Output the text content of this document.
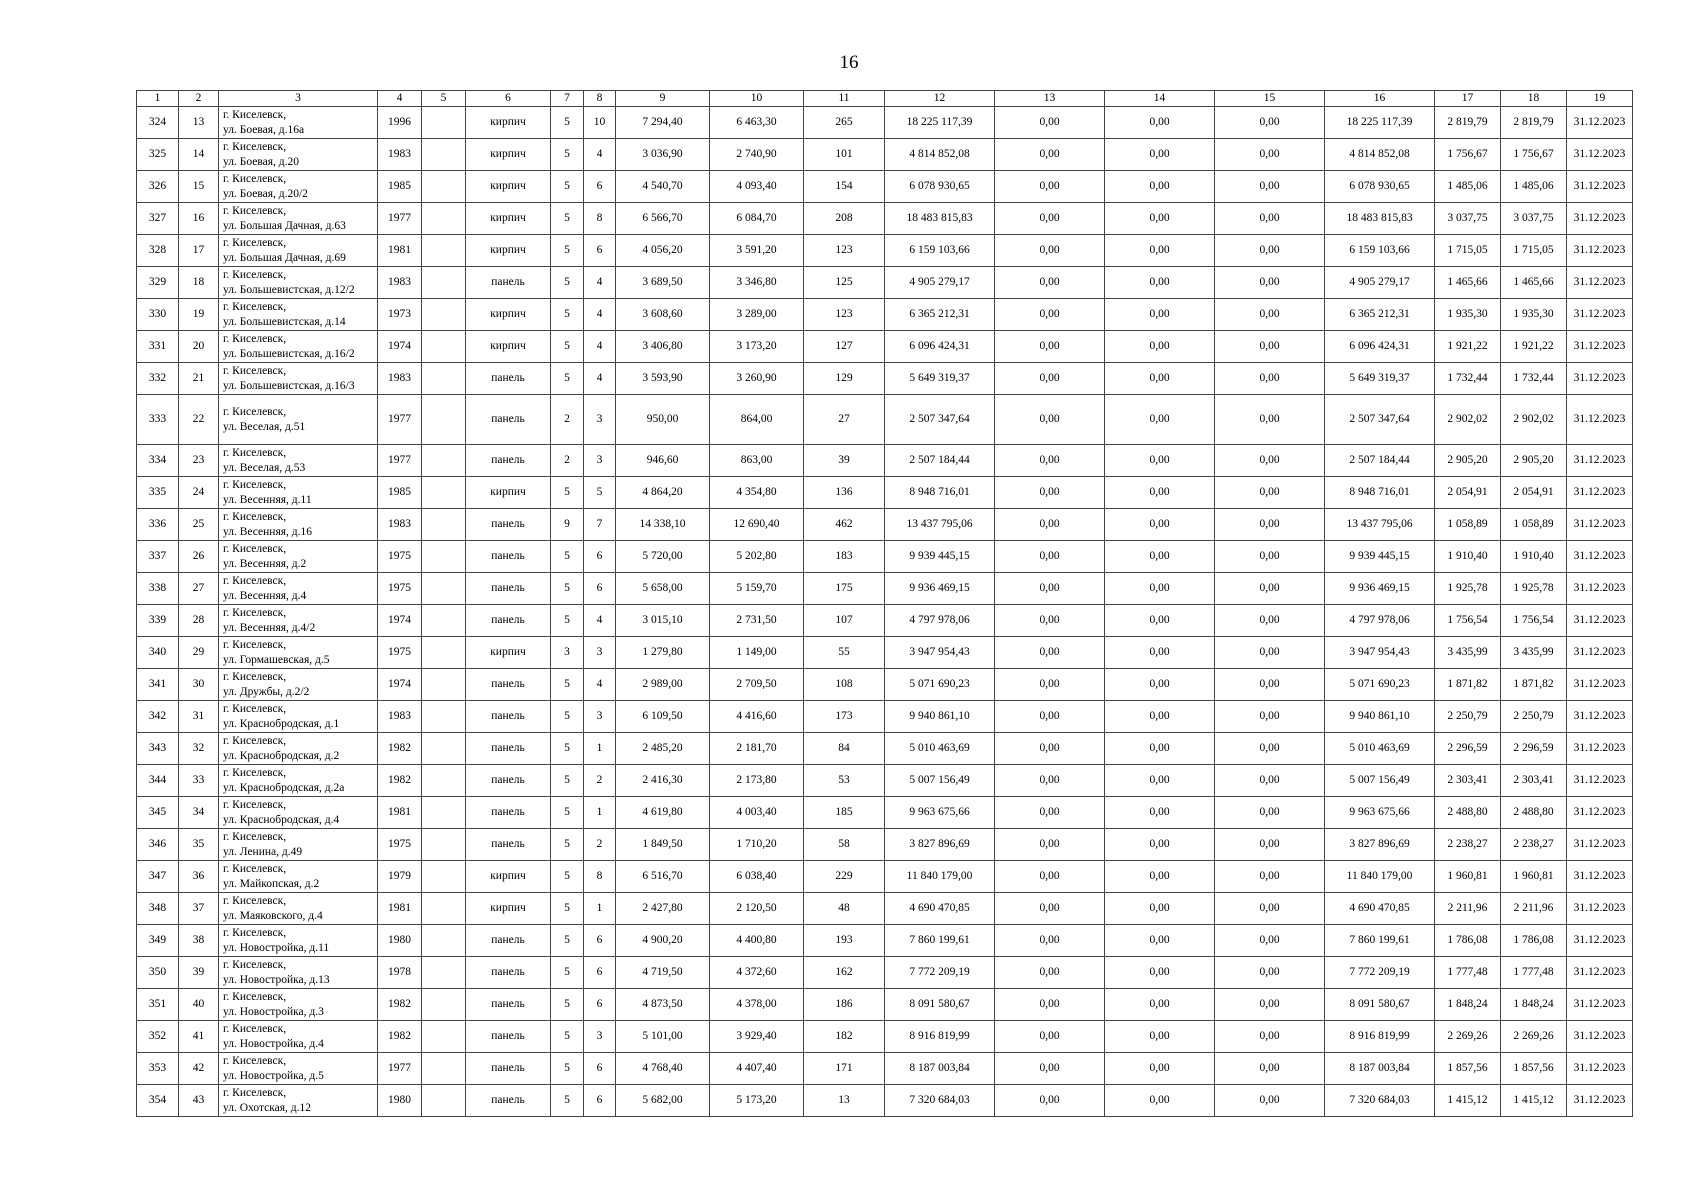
16
1	2	3	4	5	6	7	8	9	10	11	12	13	14	15	16	17	18	19
324	13	г. Киселевск,
ул. Боевая, д.16а	1996		кирпич	5	10	7 294,40	6 463,30	265	18 225 117,39	0,00	0,00	0,00	18 225 117,39	2 819,79	2 819,79	31.12.2023
325	14	г. Киселевск,
ул. Боевая, д.20	1983		кирпич	5	4	3 036,90	2 740,90	101	4 814 852,08	0,00	0,00	0,00	4 814 852,08	1 756,67	1 756,67	31.12.2023
326	15	г. Киселевск,
ул. Боевая, д.20/2	1985		кирпич	5	6	4 540,70	4 093,40	154	6 078 930,65	0,00	0,00	0,00	6 078 930,65	1 485,06	1 485,06	31.12.2023
327	16	г. Киселевск,
ул. Большая Дачная, д.63	1977		кирпич	5	8	6 566,70	6 084,70	208	18 483 815,83	0,00	0,00	0,00	18 483 815,83	3 037,75	3 037,75	31.12.2023
328	17	г. Киселевск,
ул. Большая Дачная, д.69	1981		кирпич	5	6	4 056,20	3 591,20	123	6 159 103,66	0,00	0,00	0,00	6 159 103,66	1 715,05	1 715,05	31.12.2023
329	18	г. Киселевск,
ул. Большевистская, д.12/2	1983		панель	5	4	3 689,50	3 346,80	125	4 905 279,17	0,00	0,00	0,00	4 905 279,17	1 465,66	1 465,66	31.12.2023
330	19	г. Киселевск,
ул. Большевистская, д.14	1973		кирпич	5	4	3 608,60	3 289,00	123	6 365 212,31	0,00	0,00	0,00	6 365 212,31	1 935,30	1 935,30	31.12.2023
331	20	г. Киселевск,
ул. Большевистская, д.16/2	1974		кирпич	5	4	3 406,80	3 173,20	127	6 096 424,31	0,00	0,00	0,00	6 096 424,31	1 921,22	1 921,22	31.12.2023
332	21	г. Киселевск,
ул. Большевистская, д.16/3	1983		панель	5	4	3 593,90	3 260,90	129	5 649 319,37	0,00	0,00	0,00	5 649 319,37	1 732,44	1 732,44	31.12.2023
333	22	г. Киселевск,
ул. Веселая, д.51	1977		панель	2	3	950,00	864,00	27	2 507 347,64	0,00	0,00	0,00	2 507 347,64	2 902,02	2 902,02	31.12.2023
334	23	г. Киселевск,
ул. Веселая, д.53	1977		панель	2	3	946,60	863,00	39	2 507 184,44	0,00	0,00	0,00	2 507 184,44	2 905,20	2 905,20	31.12.2023
335	24	г. Киселевск,
ул. Весенняя, д.11	1985		кирпич	5	5	4 864,20	4 354,80	136	8 948 716,01	0,00	0,00	0,00	8 948 716,01	2 054,91	2 054,91	31.12.2023
336	25	г. Киселевск,
ул. Весенняя, д.16	1983		панель	9	7	14 338,10	12 690,40	462	13 437 795,06	0,00	0,00	0,00	13 437 795,06	1 058,89	1 058,89	31.12.2023
337	26	г. Киселевск,
ул. Весенняя, д.2	1975		панель	5	6	5 720,00	5 202,80	183	9 939 445,15	0,00	0,00	0,00	9 939 445,15	1 910,40	1 910,40	31.12.2023
338	27	г. Киселевск,
ул. Весенняя, д.4	1975		панель	5	6	5 658,00	5 159,70	175	9 936 469,15	0,00	0,00	0,00	9 936 469,15	1 925,78	1 925,78	31.12.2023
339	28	г. Киселевск,
ул. Весенняя, д.4/2	1974		панель	5	4	3 015,10	2 731,50	107	4 797 978,06	0,00	0,00	0,00	4 797 978,06	1 756,54	1 756,54	31.12.2023
340	29	г. Киселевск,
ул. Гормашевская, д.5	1975		кирпич	3	3	1 279,80	1 149,00	55	3 947 954,43	0,00	0,00	0,00	3 947 954,43	3 435,99	3 435,99	31.12.2023
341	30	г. Киселевск,
ул. Дружбы, д.2/2	1974		панель	5	4	2 989,00	2 709,50	108	5 071 690,23	0,00	0,00	0,00	5 071 690,23	1 871,82	1 871,82	31.12.2023
342	31	г. Киселевск,
ул. Краснобродская, д.1	1983		панель	5	3	6 109,50	4 416,60	173	9 940 861,10	0,00	0,00	0,00	9 940 861,10	2 250,79	2 250,79	31.12.2023
343	32	г. Киселевск,
ул. Краснобродская, д.2	1982		панель	5	1	2 485,20	2 181,70	84	5 010 463,69	0,00	0,00	0,00	5 010 463,69	2 296,59	2 296,59	31.12.2023
344	33	г. Киселевск,
ул. Краснобродская, д.2а	1982		панель	5	2	2 416,30	2 173,80	53	5 007 156,49	0,00	0,00	0,00	5 007 156,49	2 303,41	2 303,41	31.12.2023
345	34	г. Киселевск,
ул. Краснобродская, д.4	1981		панель	5	1	4 619,80	4 003,40	185	9 963 675,66	0,00	0,00	0,00	9 963 675,66	2 488,80	2 488,80	31.12.2023
346	35	г. Киселевск,
ул. Ленина, д.49	1975		панель	5	2	1 849,50	1 710,20	58	3 827 896,69	0,00	0,00	0,00	3 827 896,69	2 238,27	2 238,27	31.12.2023
347	36	г. Киселевск,
ул. Майкопская, д.2	1979		кирпич	5	8	6 516,70	6 038,40	229	11 840 179,00	0,00	0,00	0,00	11 840 179,00	1 960,81	1 960,81	31.12.2023
348	37	г. Киселевск,
ул. Маяковского, д.4	1981		кирпич	5	1	2 427,80	2 120,50	48	4 690 470,85	0,00	0,00	0,00	4 690 470,85	2 211,96	2 211,96	31.12.2023
349	38	г. Киселевск,
ул. Новостройка, д.11	1980		панель	5	6	4 900,20	4 400,80	193	7 860 199,61	0,00	0,00	0,00	7 860 199,61	1 786,08	1 786,08	31.12.2023
350	39	г. Киселевск,
ул. Новостройка, д.13	1978		панель	5	6	4 719,50	4 372,60	162	7 772 209,19	0,00	0,00	0,00	7 772 209,19	1 777,48	1 777,48	31.12.2023
351	40	г. Киселевск,
ул. Новостройка, д.3	1982		панель	5	6	4 873,50	4 378,00	186	8 091 580,67	0,00	0,00	0,00	8 091 580,67	1 848,24	1 848,24	31.12.2023
352	41	г. Киселевск,
ул. Новостройка, д.4	1982		панель	5	3	5 101,00	3 929,40	182	8 916 819,99	0,00	0,00	0,00	8 916 819,99	2 269,26	2 269,26	31.12.2023
353	42	г. Киселевск,
ул. Новостройка, д.5	1977		панель	5	6	4 768,40	4 407,40	171	8 187 003,84	0,00	0,00	0,00	8 187 003,84	1 857,56	1 857,56	31.12.2023
354	43	г. Киселевск,
ул. Охотская, д.12	1980		панель	5	6	5 682,00	5 173,20	13	7 320 684,03	0,00	0,00	0,00	7 320 684,03	1 415,12	1 415,12	31.12.2023
